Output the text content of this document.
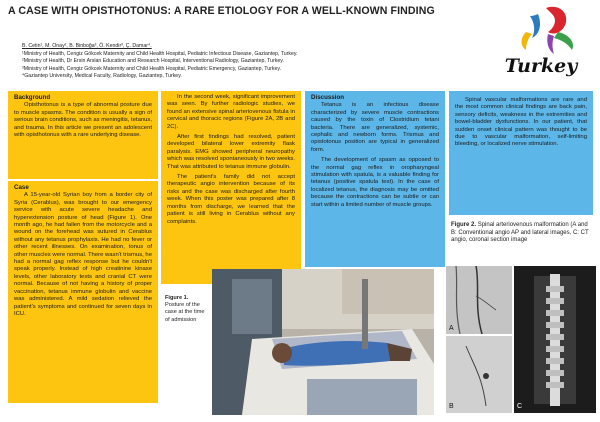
A CASE WITH OPISTHOTONUS: A RARE ETIOLOGY FOR A WELL-KNOWN FINDING
B. Cetin¹, M. Onay², B. Binboğa³, Ö. Kendir³, Ç. Damar⁴.
¹Ministry of Health, Cengiz Gökcek Maternity and Child Health Hospital, Pediatric Infectious Disease, Gaziantep, Turkey.
²Ministry of Health, Dr Ersin Arslan Education and Research Hospital, Interventional Radiology, Gaziantep, Turkey.
³Ministry of Health, Cengiz Gökcek Maternity and Child Health Hospital, Pediatric Emergency, Gaziantep, Turkey.
⁴Gaziantep University, Medical Faculty, Radiology, Gaziantep, Turkey.	Turkey
Background

Opisthotonus is a type of abnormal posture due to muscle spasms. The condition is usually a sign of serious brain conditions, such as meningitis, tetanus, and trauma. In this article we present an adolescent with opisthotonus with a rare underlying disease.

Case

A 15-year-old Syrian boy from a border city of Syria (Cerablus), was brought to our emergency service with acute severe headache and hyperextension posture of head (Figure 1). One month ago, he had fallen from the motorcycle and a wound on the forehead was sutured in Cerablus without any tetanus prophylaxis. He had no fever or other recent illnesses. On examination, tonus of other muscles were normal. There wasn't trismus, he had a normal gag reflex response but he couldn't speak properly. Instead of high creatinine kinase levels, other laboratory tests and cranial CT were normal. Because of not having a history of proper vaccination, tetanus immune globulin and vaccine was administered. A mild sedation relieved the patient's symptoms and continued for seven days in ICU.

In the second week, significant improvement was seen. By further radiologic studies, we found an extensive spinal arteriovenous fistula in cervical and thoracic regions (Figure 2A, 2B and 2C).

After first findings had resolved, patient developed bilateral lower extremity flask paralysis. EMG showed peripheral neuropathy which was resolved spontaneously in two weeks. That was attributed to tetanus immune globulin.

The patient's family did not accept therapeutic angio intervention because of its risks and the case was discharged after fourth week. When this poster was prepared after 8 months from discharge, we learned that the patient is still living in Cerablus without any complaints.

Figure 1.
Posture of the case at the time of admission
Discussion

Tetanus is an infectious disease characterized by severe muscle contractions caused by the toxin of Clostridium tetani bacteria. There are generalized, systemic, cephalic and newborn forms. Trismus and opistotonus position are typical in generalized form.

The development of spasm as opposed to the normal gag reflex in oropharyngeal stimulation with spatula, is a valuable finding for tetanus (positive spatula test). In the case of localized tetanus, the diagnosis may be omitted because the contractions can be subtle or can start within a limited number of muscle groups.

Spinal vascular malformations are rare and the most common clinical findings are back pain, sensory deficits, weakness in the extremities and bowel-bladder dysfunctions. In our patient, that sudden onset clinical pattern was thought to be due to vascular malformation, self-limiting bleeding, or localized nerve stimulation.

Figure 2. Spinal arteriovenous malformation (A and B: Conventional angio AP and lateral images, C: CT angio, coronal section image
A
B	C
